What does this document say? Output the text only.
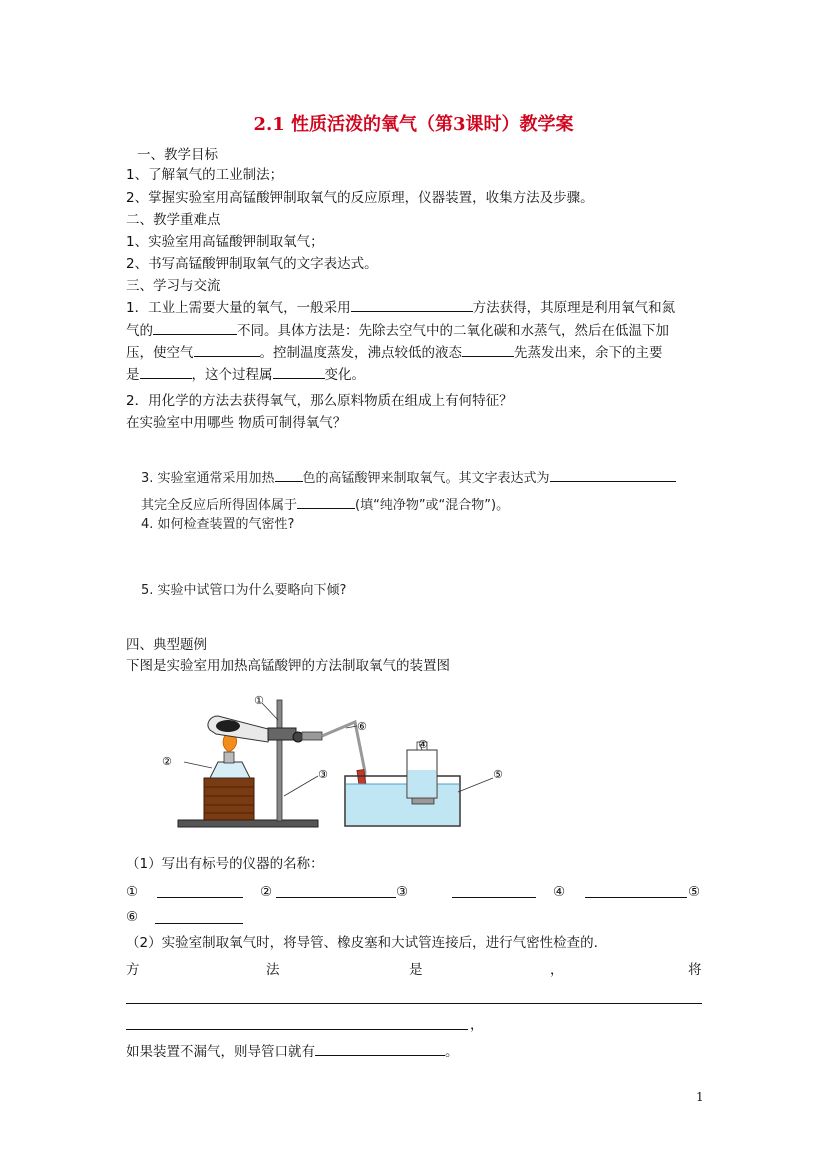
2.1 性质活泼的氧气（第3课时）教学案
一、教学目标
1、了解氧气的工业制法；
2、掌握实验室用高锰酸钾制取氧气的反应原理，仪器装置，收集方法及步骤。
二、教学重难点
1、实验室用高锰酸钾制取氧气；
2、书写高锰酸钾制取氧气的文字表达式。
三、学习与交流
1．工业上需要大量的氧气，一般采用	方法获得，其原理是利用氧气和氮
气的	不同。具体方法是：先除去空气中的二氧化碳和水蒸气，然后在低温下加
压，使空气	。控制温度蒸发，沸点较低的液态	先蒸发出来，余下的主要
是	，这个过程属	变化。
2．用化学的方法去获得氧气，那么原料物质在组成上有何特征？
在实验室中用哪些 物质可制得氧气？
3. 实验室通常采用加热 色的高锰酸钾来制取氧气。其文字表达式为
其完全反应后所得固体属于	(填“纯净物”或“混合物”)。
4. 如何检查装置的气密性?
5. 实验中试管口为什么要略向下倾?
四、典型题例
下图是实验室用加热高锰酸钾的方法制取氧气的装置图
①
②
③
④
⑤
⑥
（1）写出有标号的仪器的名称：
①	②	③	④	⑤
⑥
（2）实验室制取氧气时，将导管、橡皮塞和大试管连接后，进行气密性检查的.
方	法	是	，	将
，
如果装置不漏气，则导管口就有	。
1
